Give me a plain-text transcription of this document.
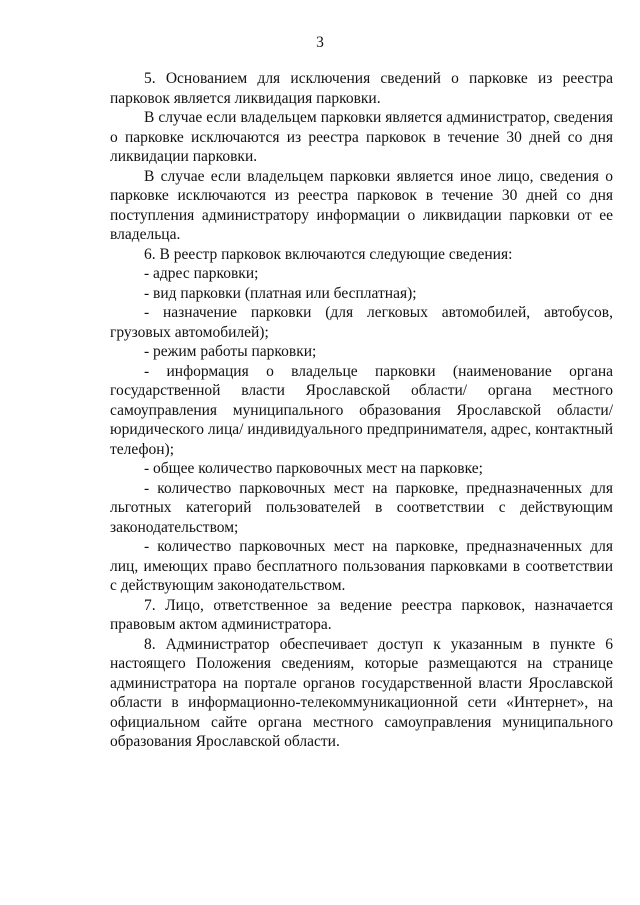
3

5. Основанием для исключения сведений о парковке из реестра парковок является ликвидация парковки.

В случае если владельцем парковки является администратор, сведения о парковке исключаются из реестра парковок в течение 30 дней со дня ликвидации парковки.

В случае если владельцем парковки является иное лицо, сведения о парковке исключаются из реестра парковок в течение 30 дней со дня поступления администратору информации о ликвидации парковки от ее владельца.

6. В реестр парковок включаются следующие сведения:

- адрес парковки;

- вид парковки (платная или бесплатная);

- назначение парковки (для легковых автомобилей, автобусов, грузовых автомобилей);

- режим работы парковки;

- информация о владельце парковки (наименование органа государственной власти Ярославской области/ органа местного самоуправления муниципального образования Ярославской области/ юридического лица/ индивидуального предпринимателя, адрес, контактный телефон);

- общее количество парковочных мест на парковке;

- количество парковочных мест на парковке, предназначенных для льготных категорий пользователей в соответствии с действующим законодательством;

- количество парковочных мест на парковке, предназначенных для лиц, имеющих право бесплатного пользования парковками в соответствии с действующим законодательством.

7. Лицо, ответственное за ведение реестра парковок, назначается правовым актом администратора.

8. Администратор обеспечивает доступ к указанным в пункте 6 настоящего Положения сведениям, которые размещаются на странице администратора на портале органов государственной власти Ярославской области в информационно-телекоммуникационной сети «Интернет», на официальном сайте органа местного самоуправления муниципального образования Ярославской области.
